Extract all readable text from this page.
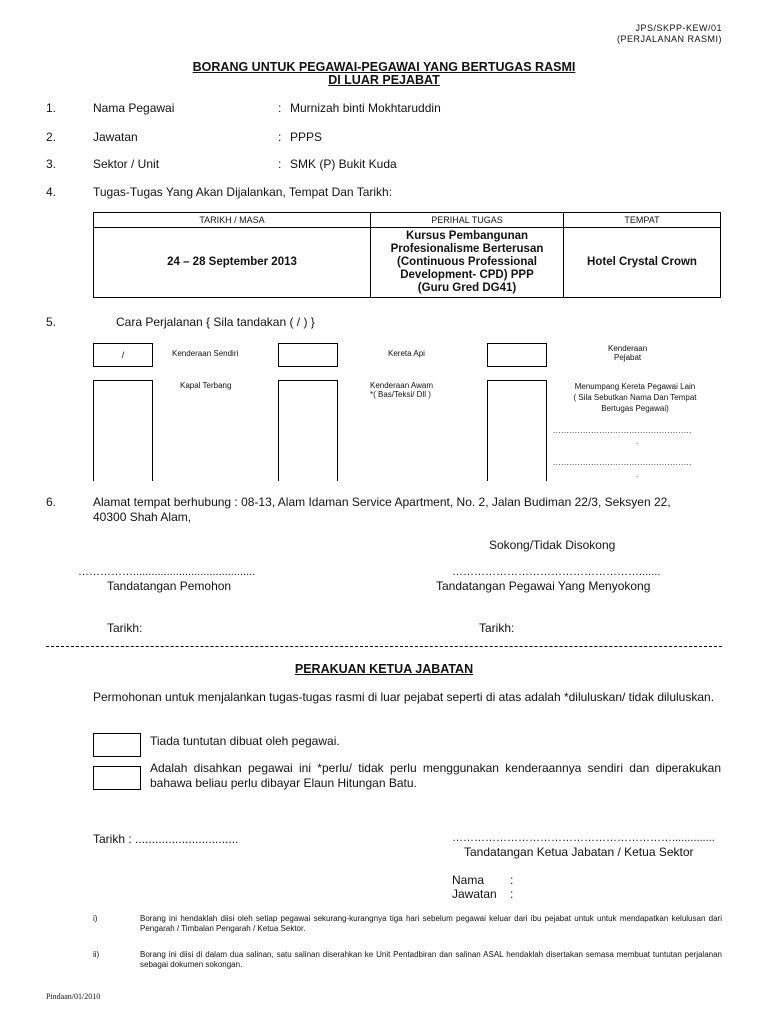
JPS/SKPP-KEW/01
(PERJALANAN RASMI)
BORANG UNTUK PEGAWAI-PEGAWAI YANG BERTUGAS RASMI
DI LUAR PEJABAT
1.	Nama Pegawai	: Murnizah binti Mokhtaruddin
2.	Jawatan	: PPPS
3.	Sektor / Unit	: SMK (P) Bukit Kuda
4.	Tugas-Tugas Yang Akan Dijalankan, Tempat Dan Tarikh:
TARIKH / MASA	PERIHAL TUGAS	TEMPAT
24 – 28 September 2013	Kursus Pembangunan
Profesionalisme Berterusan
(Continuous Professional
Development- CPD) PPP
(Guru Gred DG41)	Hotel Crystal Crown
5.	Cara Perjalanan { Sila tandakan ( / ) }
/	Kenderaan Sendiri	Kereta Api
Kenderaan
Pejabat
Kapal Terbang	Kenderaan Awam
*( Bas/Teksi/ Dll )
Menumpang Kereta Pegawai Lain
( Sila Sebutkan Nama Dan Tempat
Bertugas Pegawai)
...................................................
.
...................................................
.
6.	Alamat tempat berhubung : 08-13, Alam Idaman Service Apartment, No. 2, Jalan Budiman 22/3, Seksyen 22,
40300 Shah Alam,
Sokong/Tidak Disokong
……………........................................	…………………………………………….......
Tandatangan Pemohon	Tandatangan Pegawai Yang Menyokong
Tarikh:	Tarikh:
PERAKUAN KETUA JABATAN
Permohonan untuk menjalankan tugas-tugas rasmi di luar pejabat seperti di atas adalah *diluluskan/ tidak diluluskan.
Tiada tuntutan dibuat oleh pegawai.
Adalah disahkan pegawai ini *perlu/ tidak perlu menggunakan kenderaannya sendiri dan diperakukan bahawa beliau perlu dibayar Elaun Hitungan Batu.
Tarikh : ...............................	……………………………………………………..............
Tandatangan Ketua Jabatan / Ketua Sektor
Nama :
Jawatan :
i)	Borang ini hendaklah diisi oleh setiap pegawai sekurang-kurangnya tiga hari sebelum pegawai keluar dari ibu pejabat untuk untuk mendapatkan kelulusan dari Pengarah / Timbalan Pengarah / Ketua Sektor.
ii)	Borang ini diisi di dalam dua salinan, satu salinan diserahkan ke Unit Pentadbiran dan salinan ASAL hendaklah disertakan semasa membuat tuntutan perjalanan sebagai dokumen sokongan.
Pindaan/01/2010
